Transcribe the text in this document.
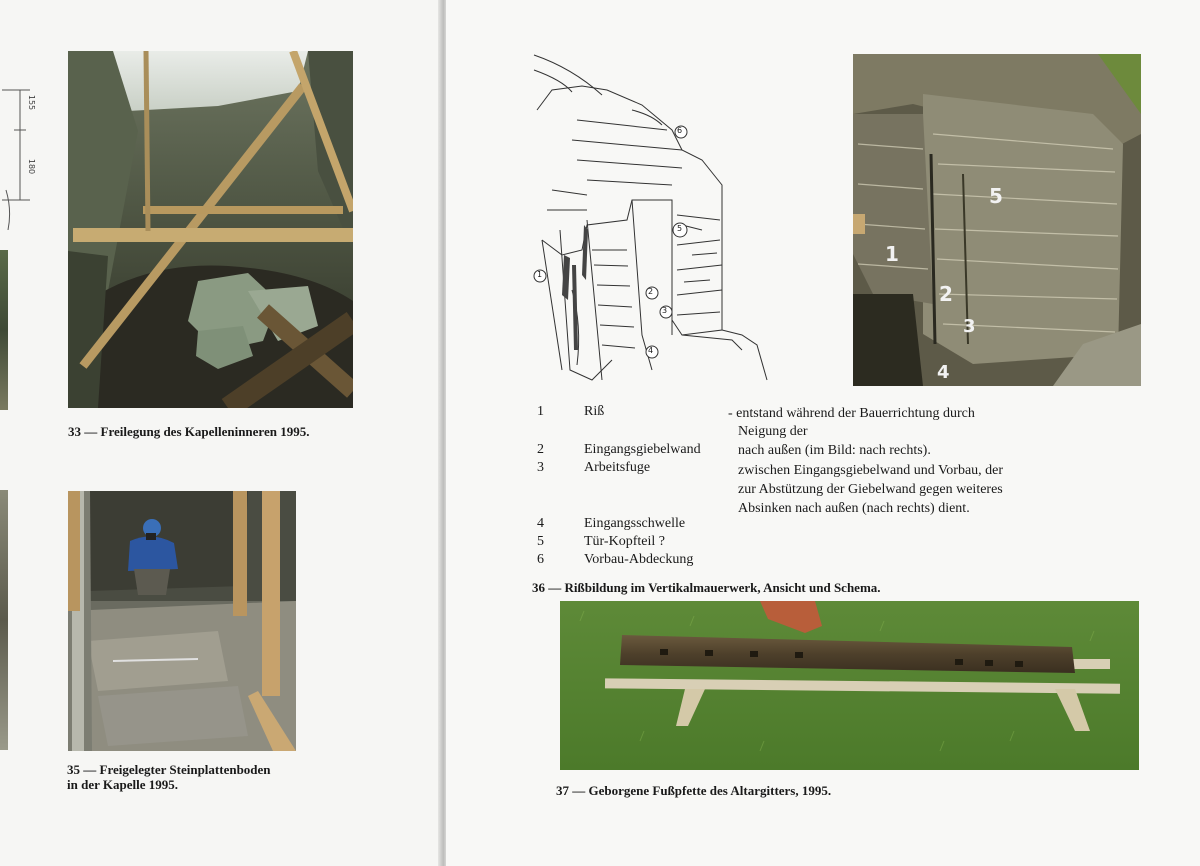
155
180
33 — Freilegung des Kapelleninneren 1995.
35 — Freigelegter Steinplattenboden
in der Kapelle 1995.
6
5
2
3
1
4
5
1
2
3
4
1	Riß	- entstand während der Bauerrichtung durch
Neigung der
2	Eingangsgiebelwand	nach außen (im Bild: nach rechts).
3	Arbeitsfuge	zwischen Eingangsgiebelwand und Vorbau, der
zur Abstützung der Giebelwand gegen weiteres
Absinken nach außen (nach rechts) dient.
4	Eingangsschwelle
5	Tür-Kopfteil ?
6	Vorbau-Abdeckung
36 — Rißbildung im Vertikalmauerwerk, Ansicht und Schema.
37 — Geborgene Fußpfette des Altargitters, 1995.
